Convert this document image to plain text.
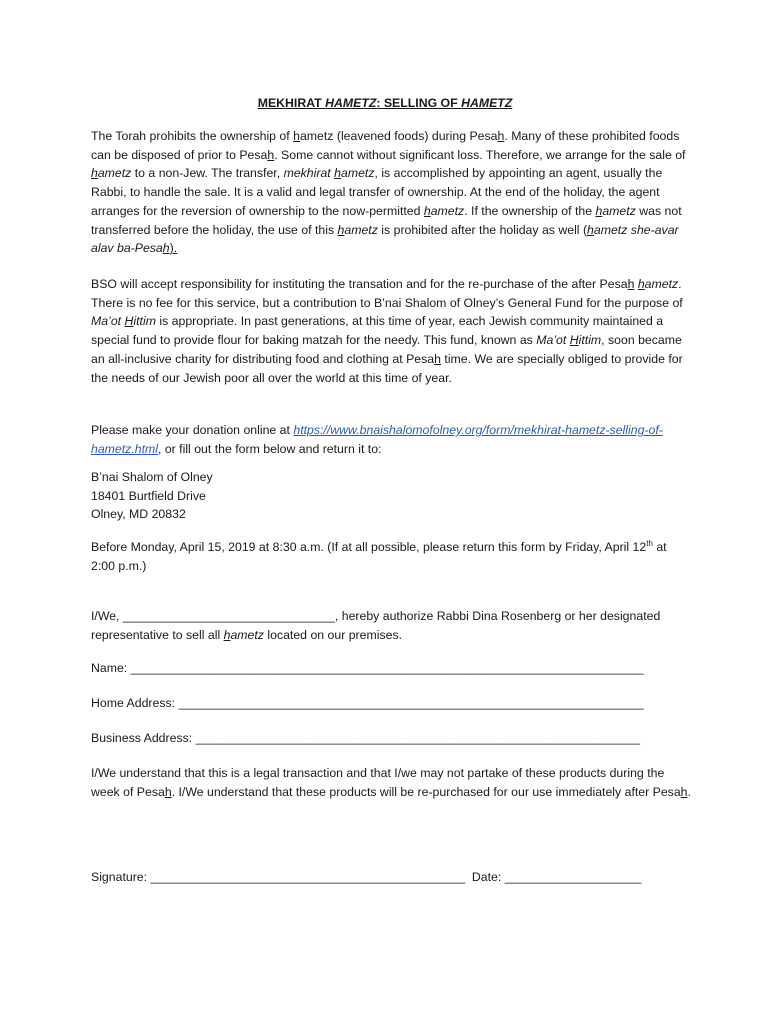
MEKHIRAT HAMETZ: SELLING OF HAMETZ

The Torah prohibits the ownership of hametz (leavened foods) during Pesah. Many of these prohibited foods can be disposed of prior to Pesah. Some cannot without significant loss. Therefore, we arrange for the sale of hametz to a non-Jew. The transfer, mekhirat hametz, is accomplished by appointing an agent, usually the Rabbi, to handle the sale. It is a valid and legal transfer of ownership. At the end of the holiday, the agent arranges for the reversion of ownership to the now-permitted hametz. If the ownership of the hametz was not transferred before the holiday, the use of this hametz is prohibited after the holiday as well (hametz she-avar alav ba-Pesah).

BSO will accept responsibility for instituting the transation and for the re-purchase of the after Pesah hametz. There is no fee for this service, but a contribution to B’nai Shalom of Olney’s General Fund for the purpose of Ma’ot Hittim is appropriate. In past generations, at this time of year, each Jewish community maintained a special fund to provide flour for baking matzah for the needy. This fund, known as Ma’ot Hittim, soon became an all-inclusive charity for distributing food and clothing at Pesah time. We are specially obliged to provide for the needs of our Jewish poor all over the world at this time of year.

Please make your donation online at https://www.bnaishalomofolney.org/form/mekhirat-hametz-selling-of-hametz.html, or fill out the form below and return it to:

B’nai Shalom of Olney
18401 Burtfield Drive
Olney, MD 20832

Before Monday, April 15, 2019 at 8:30 a.m. (If at all possible, please return this form by Friday, April 12th at 2:00 p.m.)

I/We, _______________________________, hereby authorize Rabbi Dina Rosenberg or her designated representative to sell all hametz located on our premises.

Name: ___________________________________________________________________________
Home Address: ____________________________________________________________________
Business Address: _________________________________________________________________

I/We understand that this is a legal transaction and that I/we may not partake of these products during the week of Pesah. I/We understand that these products will be re-purchased for our use immediately after Pesah.

Signature: ______________________________________________ Date: ____________________
